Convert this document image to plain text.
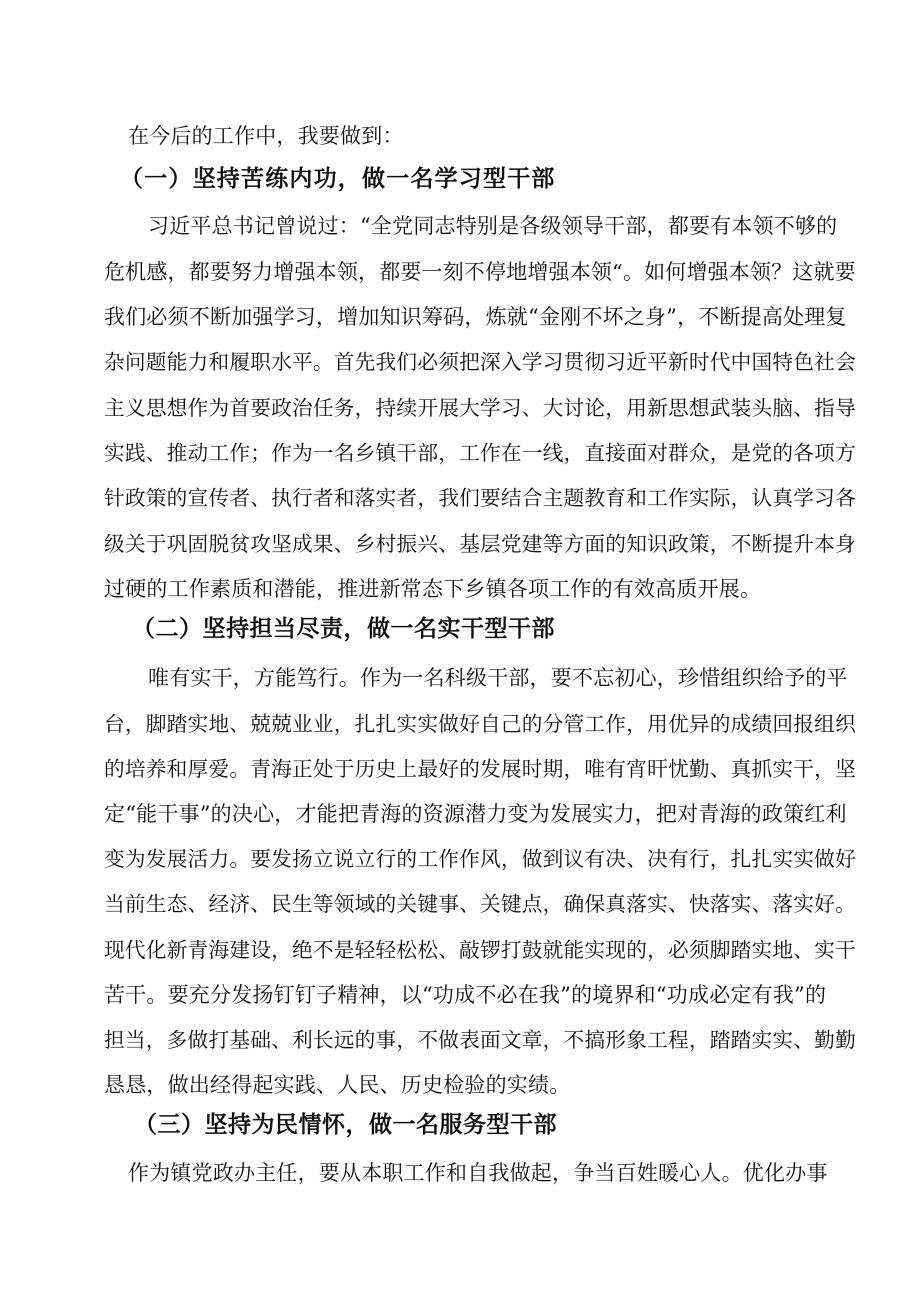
在今后的工作中，我要做到：
（一）坚持苦练内功，做一名学习型干部
习近平总书记曾说过：“全党同志特别是各级领导干部，都要有本领不够的
危机感，都要努力增强本领，都要一刻不停地增强本领“。如何增强本领？这就要
我们必须不断加强学习，增加知识筹码，炼就“金刚不坏之身”，不断提高处理复
杂问题能力和履职水平。首先我们必须把深入学习贯彻习近平新时代中国特色社会
主义思想作为首要政治任务，持续开展大学习、大讨论，用新思想武装头脑、指导
实践、推动工作；作为一名乡镇干部，工作在一线，直接面对群众，是党的各项方
针政策的宣传者、执行者和落实者，我们要结合主题教育和工作实际，认真学习各
级关于巩固脱贫攻坚成果、乡村振兴、基层党建等方面的知识政策，不断提升本身
过硬的工作素质和潜能，推进新常态下乡镇各项工作的有效高质开展。
（二）坚持担当尽责，做一名实干型干部
唯有实干，方能笃行。作为一名科级干部，要不忘初心，珍惜组织给予的平
台，脚踏实地、兢兢业业，扎扎实实做好自己的分管工作，用优异的成绩回报组织
的培养和厚爱。青海正处于历史上最好的发展时期，唯有宵旰忧勤、真抓实干，坚
定“能干事”的决心，才能把青海的资源潜力变为发展实力，把对青海的政策红利
变为发展活力。要发扬立说立行的工作作风，做到议有决、决有行，扎扎实实做好
当前生态、经济、民生等领域的关键事、关键点，确保真落实、快落实、落实好。
现代化新青海建设，绝不是轻轻松松、敲锣打鼓就能实现的，必须脚踏实地、实干
苦干。要充分发扬钉钉子精神，以“功成不必在我”的境界和“功成必定有我”的
担当，多做打基础、利长远的事，不做表面文章，不搞形象工程，踏踏实实、勤勤
恳恳，做出经得起实践、人民、历史检验的实绩。
（三）坚持为民情怀，做一名服务型干部
作为镇党政办主任，要从本职工作和自我做起，争当百姓暖心人。优化办事
